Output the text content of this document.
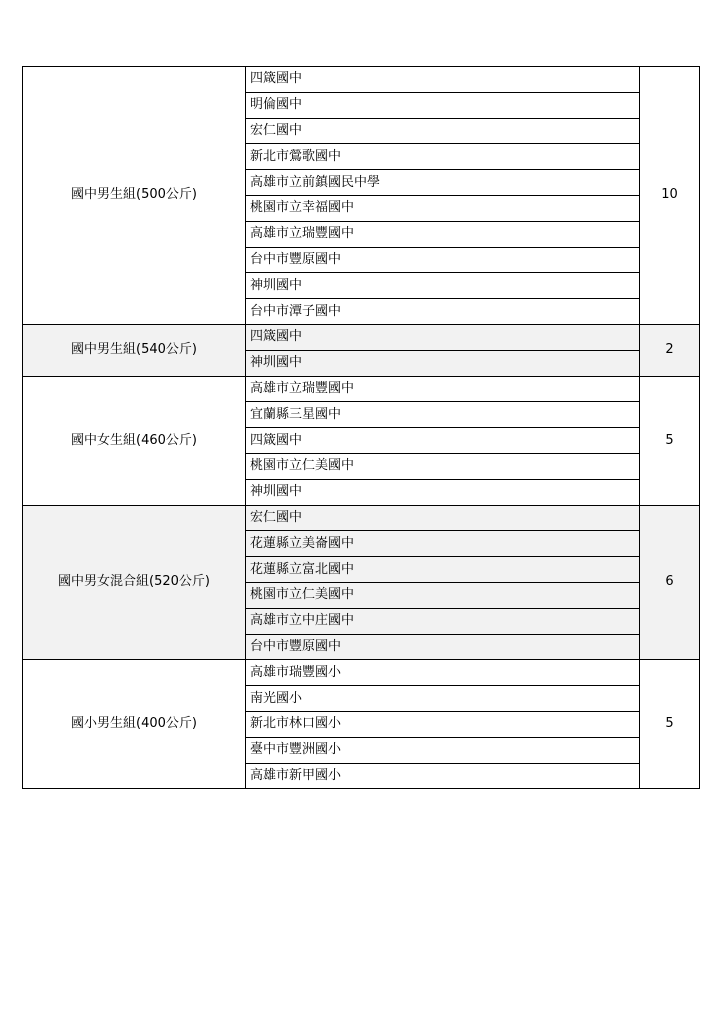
國中男生組(500公斤)	四箴國中	10
	明倫國中	
	宏仁國中	
	新北市鶯歌國中	
	高雄市立前鎮國民中學	
	桃園市立幸福國中	
	高雄市立瑞豐國中	
	台中市豐原國中	
	神圳國中	
	台中市潭子國中	
國中男生組(540公斤)	四箴國中	2
	神圳國中	
國中女生組(460公斤)	高雄市立瑞豐國中	5
	宜蘭縣三星國中	
	四箴國中	
	桃園市立仁美國中	
	神圳國中	
國中男女混合組(520公斤)	宏仁國中	6
	花蓮縣立美崙國中	
	花蓮縣立富北國中	
	桃園市立仁美國中	
	高雄市立中庄國中	
	台中市豐原國中	
國小男生組(400公斤)	高雄市瑞豐國小	5
	南光國小	
	新北市林口國小	
	臺中市豐洲國小	
	高雄市新甲國小	
